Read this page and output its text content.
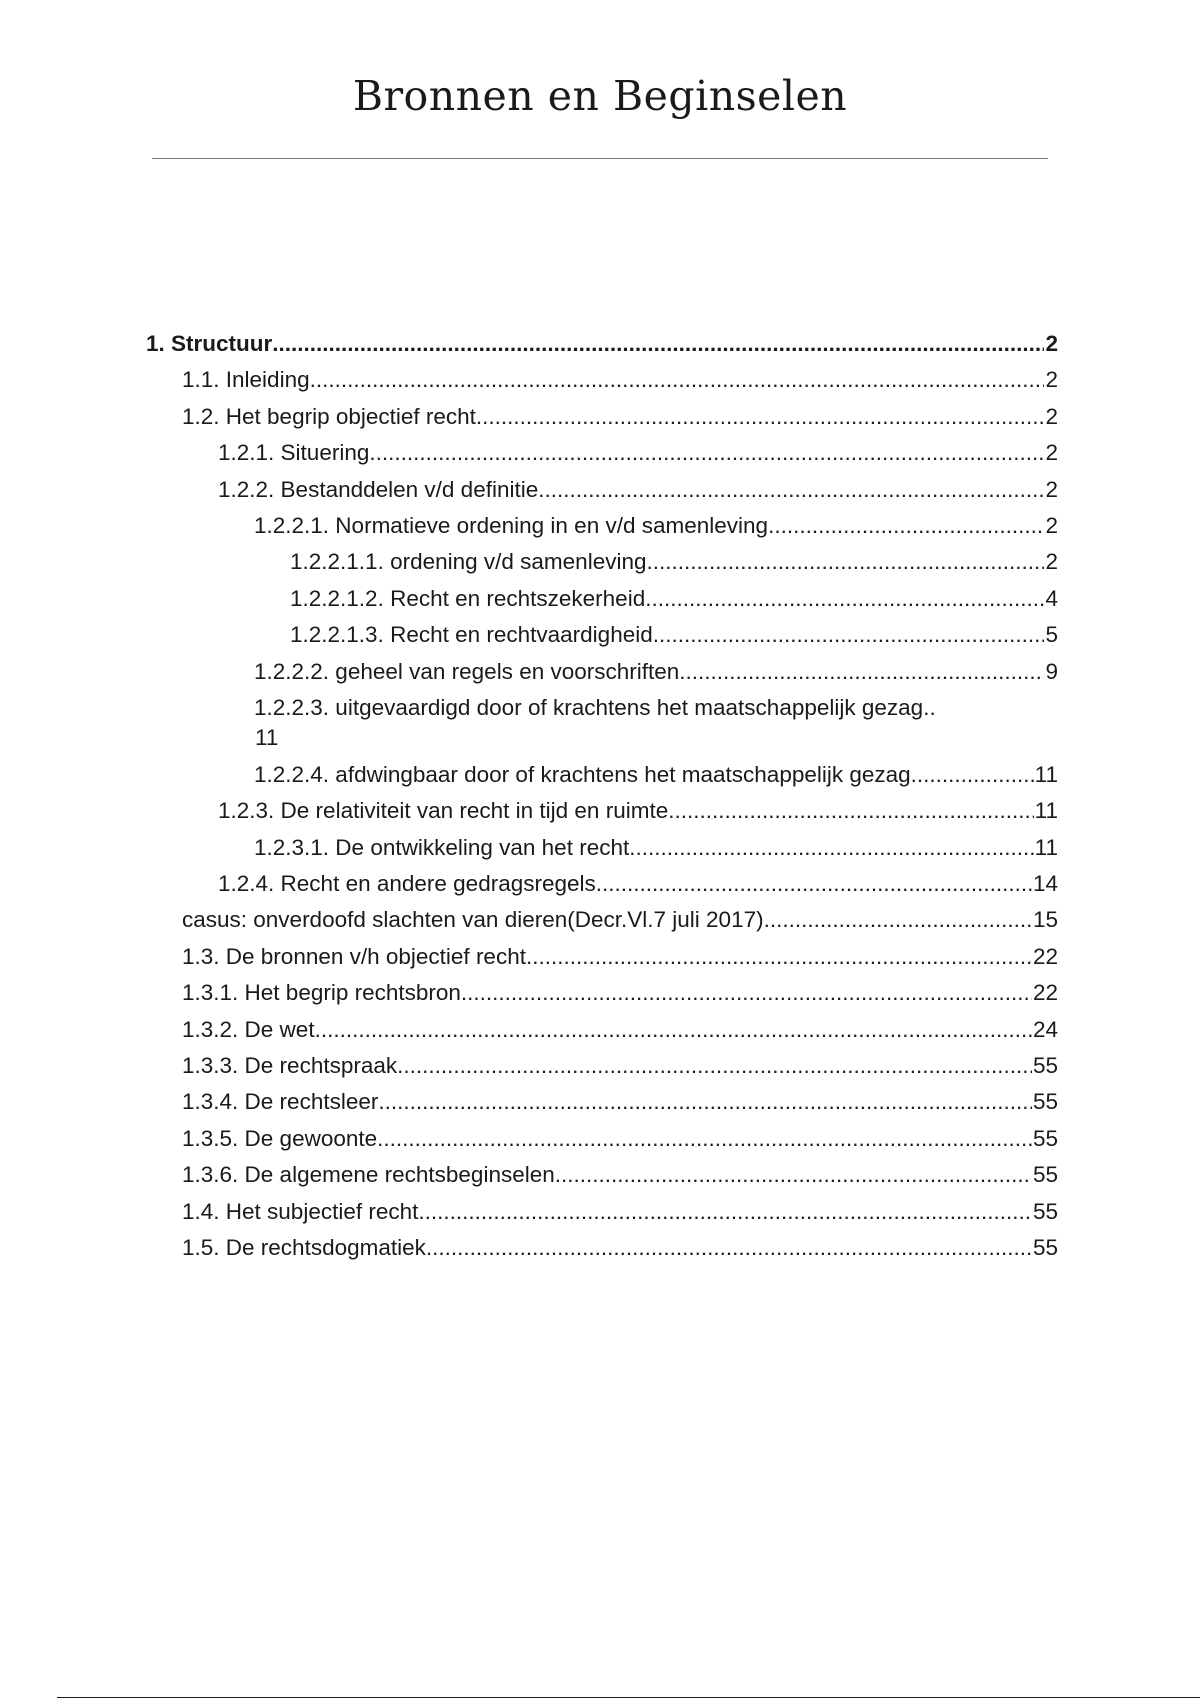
Bronnen en Beginselen
1. Structuur .....	2
1.1. Inleiding .....	2
1.2. Het begrip objectief recht .....	2
1.2.1. Situering .....	2
1.2.2. Bestanddelen v/d definitie .....	2
1.2.2.1. Normatieve ordening in en v/d samenleving .....	2
1.2.2.1.1. ordening v/d samenleving .....	2
1.2.2.1.2. Recht en rechtszekerheid .....	4
1.2.2.1.3. Recht en rechtvaardigheid .....	5
1.2.2.2. geheel van regels en voorschriften .....	9
1.2.2.3. uitgevaardigd door of krachtens het maatschappelijk gezag ..
11
1.2.2.4. afdwingbaar door of krachtens het maatschappelijk gezag .....	11
1.2.3. De relativiteit van recht in tijd en ruimte .....	11
1.2.3.1. De ontwikkeling van het recht .....	11
1.2.4. Recht en andere gedragsregels .....	14
casus: onverdoofd slachten van dieren(Decr.Vl.7 juli 2017) .....	15
1.3. De bronnen v/h objectief recht .....	22
1.3.1. Het begrip rechtsbron .....	22
1.3.2. De wet .....	24
1.3.3. De rechtspraak .....	55
1.3.4. De rechtsleer .....	55
1.3.5. De gewoonte .....	55
1.3.6. De algemene rechtsbeginselen .....	55
1.4. Het subjectief recht .....	55
1.5. De rechtsdogmatiek .....	55
